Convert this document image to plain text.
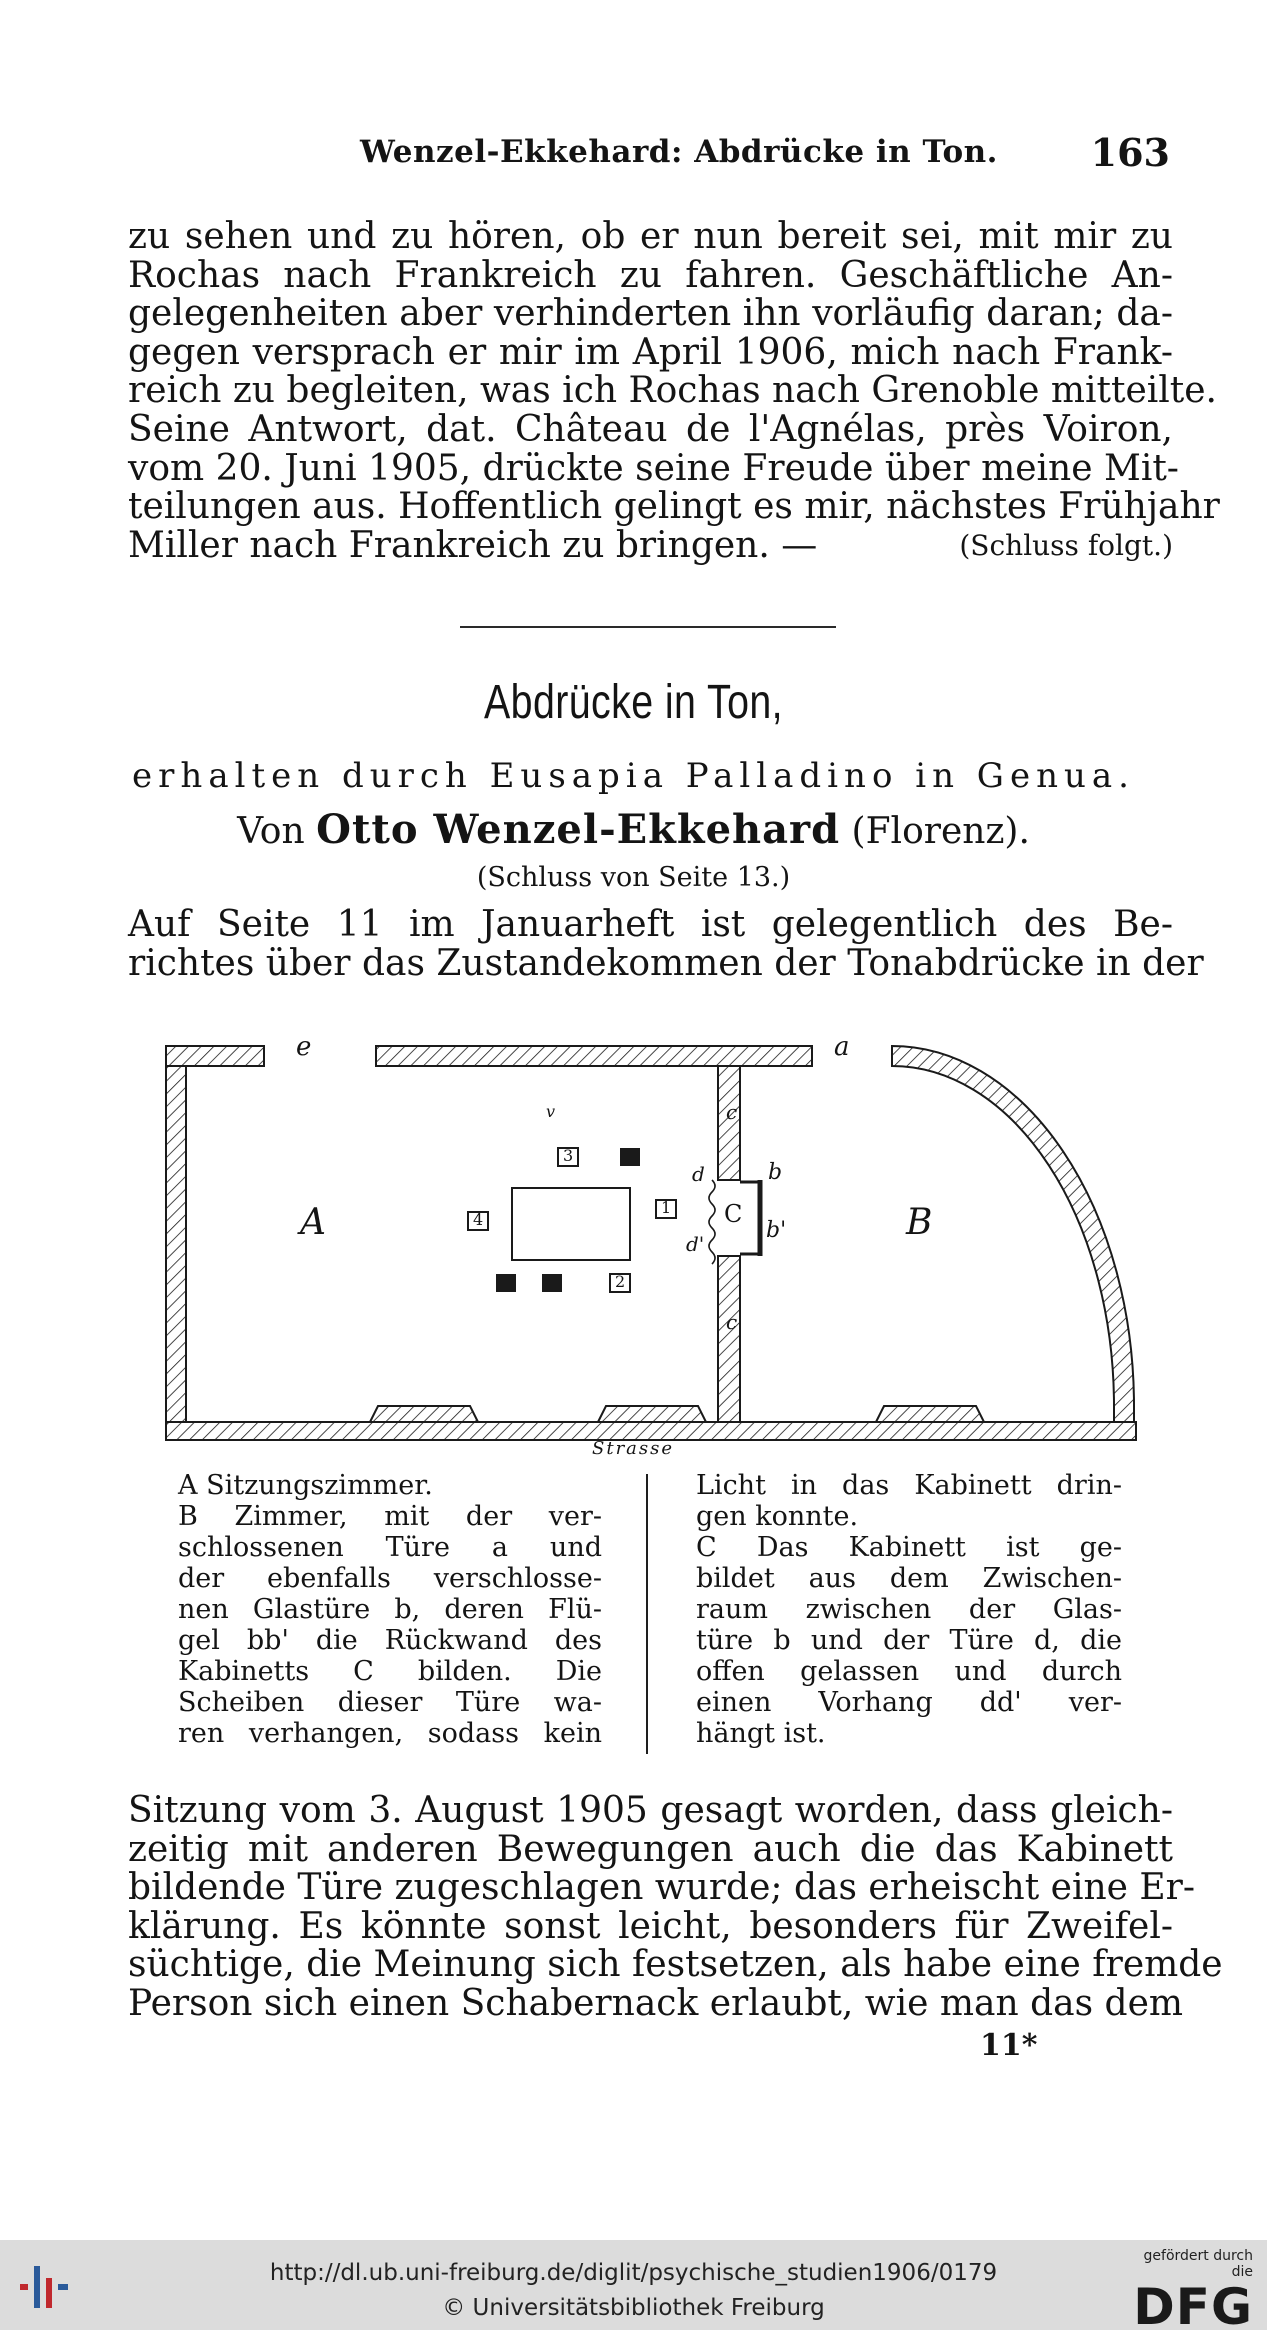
Wenzel-Ekkehard: Abdrücke in Ton. 163
zu sehen und zu hören, ob er nun bereit sei, mit mir zu
Rochas nach Frankreich zu fahren. Geschäftliche An-
gelegenheiten aber verhinderten ihn vorläufig daran; da-
gegen versprach er mir im April 1906, mich nach Frank-
reich zu begleiten, was ich Rochas nach Grenoble mitteilte.
Seine Antwort, dat. Château de l'Agnélas, près Voiron,
vom 20. Juni 1905, drückte seine Freude über meine Mit-
teilungen aus. Hoffentlich gelingt es mir, nächstes Frühjahr
Miller nach Frankreich zu bringen. —	(Schluss folgt.)
Abdrücke in Ton,
erhalten durch Eusapia Palladino in Genua.
Von Otto Wenzel-Ekkehard (Florenz).
(Schluss von Seite 13.)
Auf Seite 11 im Januarheft ist gelegentlich des Be-
richtes über das Zustandekommen der Tonabdrücke in der
A	B
e	a
c
c
v
3
4
1
2
d
d'
C
b
b'
Strasse
A Sitzungszimmer.
B Zimmer, mit der ver-
schlossenen Türe a und
der ebenfalls verschlosse-
nen Glastüre b, deren Flü-
gel bb' die Rückwand des
Kabinetts C bilden. Die
Scheiben dieser Türe wa-
ren verhangen, sodass kein
Licht in das Kabinett drin-
gen konnte.
C Das Kabinett ist ge-
bildet aus dem Zwischen-
raum zwischen der Glas-
türe b und der Türe d, die
offen gelassen und durch
einen Vorhang dd' ver-
hängt ist.
Sitzung vom 3. August 1905 gesagt worden, dass gleich-
zeitig mit anderen Bewegungen auch die das Kabinett
bildende Türe zugeschlagen wurde; das erheischt eine Er-
klärung. Es könnte sonst leicht, besonders für Zweifel-
süchtige, die Meinung sich festsetzen, als habe eine fremde
Person sich einen Schabernack erlaubt, wie man das dem
11*
http://dl.ub.uni-freiburg.de/diglit/psychische_studien1906/0179
© Universitätsbibliothek Freiburg
gefördert durch die
DFG
